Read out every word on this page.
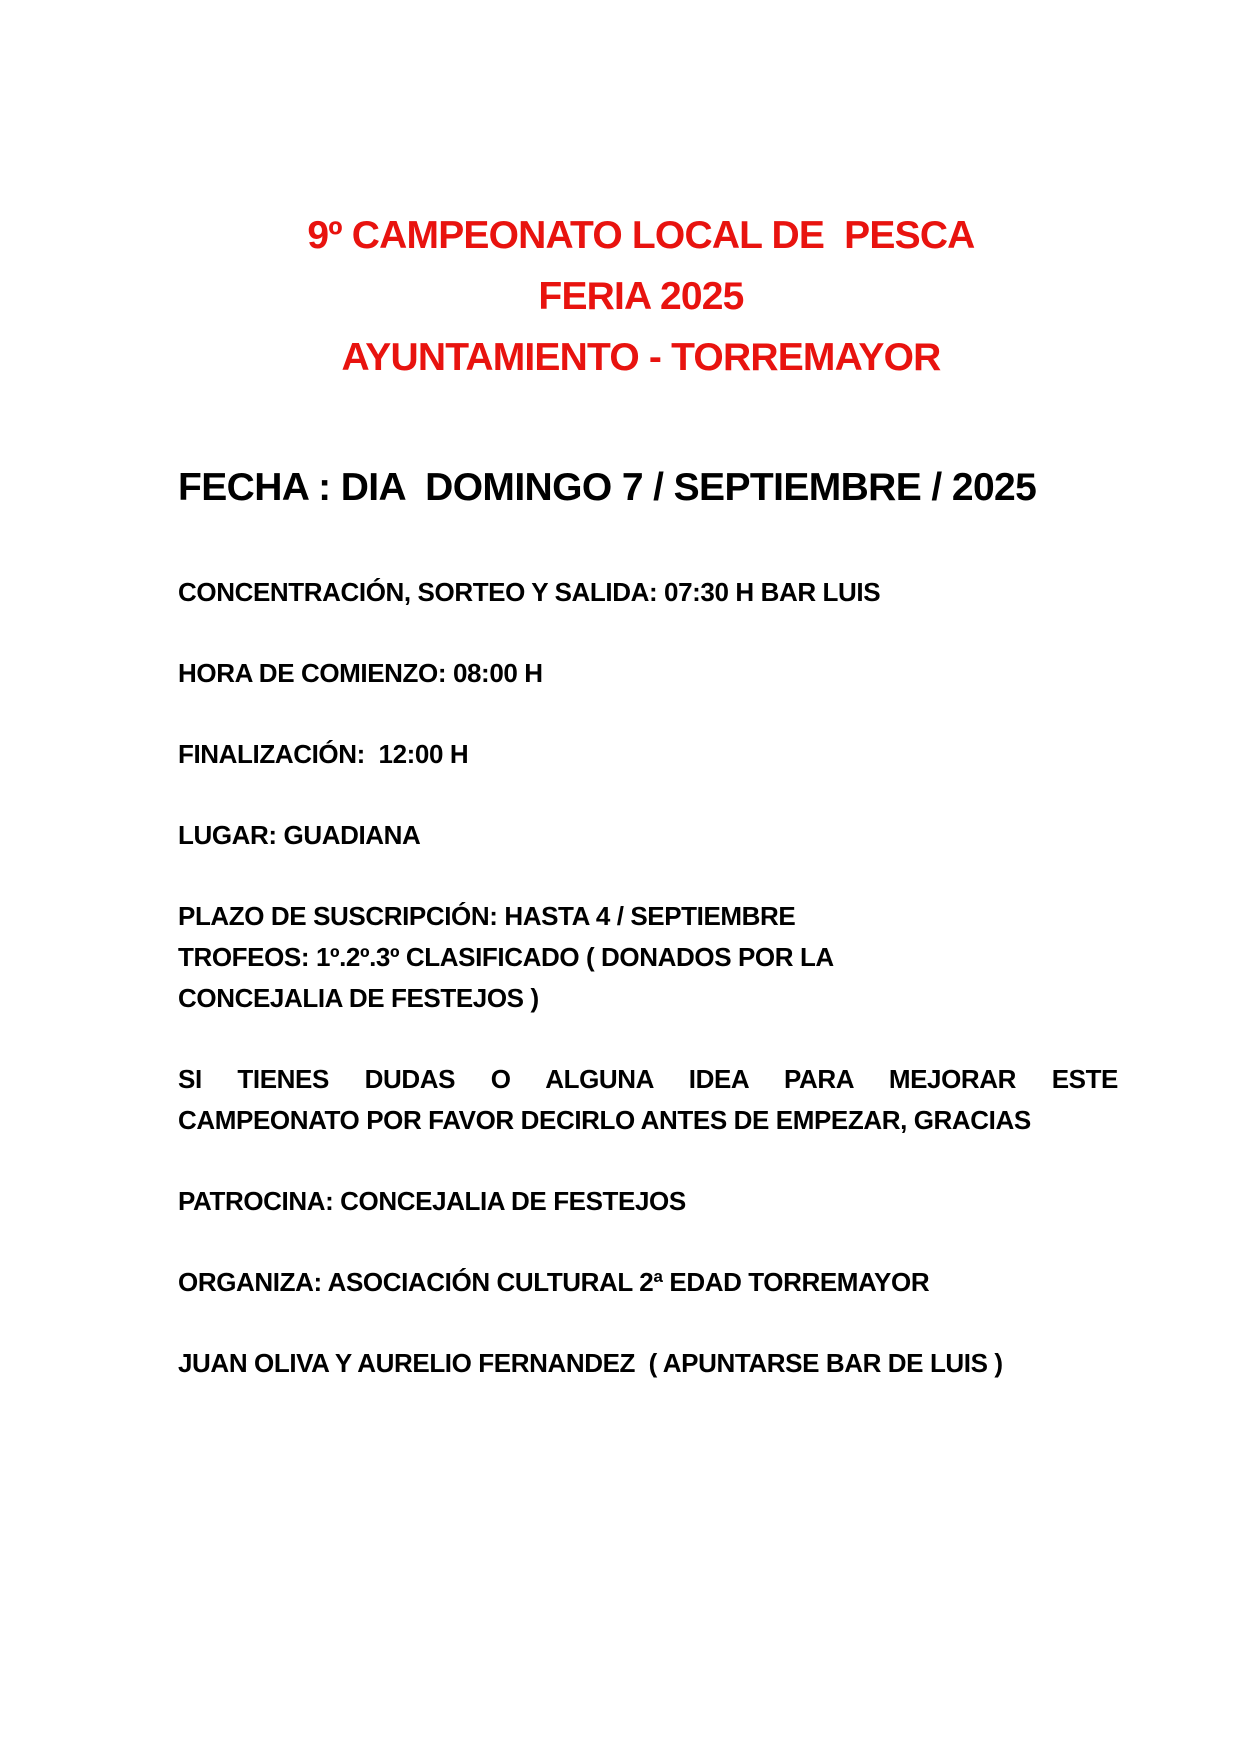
9º CAMPEONATO LOCAL DE  PESCA
FERIA 2025
AYUNTAMIENTO - TORREMAYOR
FECHA : DIA  DOMINGO 7 / SEPTIEMBRE / 2025
CONCENTRACIÓN, SORTEO Y SALIDA: 07:30 H BAR LUIS
HORA DE COMIENZO: 08:00 H
FINALIZACIÓN:  12:00 H
LUGAR: GUADIANA
PLAZO DE SUSCRIPCIÓN: HASTA 4 / SEPTIEMBRE
TROFEOS: 1º.2º.3º CLASIFICADO ( DONADOS POR LA
CONCEJALIA DE FESTEJOS )
SI TIENES DUDAS O ALGUNA IDEA PARA MEJORAR ESTE
CAMPEONATO POR FAVOR DECIRLO ANTES DE EMPEZAR, GRACIAS
PATROCINA: CONCEJALIA DE FESTEJOS
ORGANIZA: ASOCIACIÓN CULTURAL 2ª EDAD TORREMAYOR
JUAN OLIVA Y AURELIO FERNANDEZ  ( APUNTARSE BAR DE LUIS )
